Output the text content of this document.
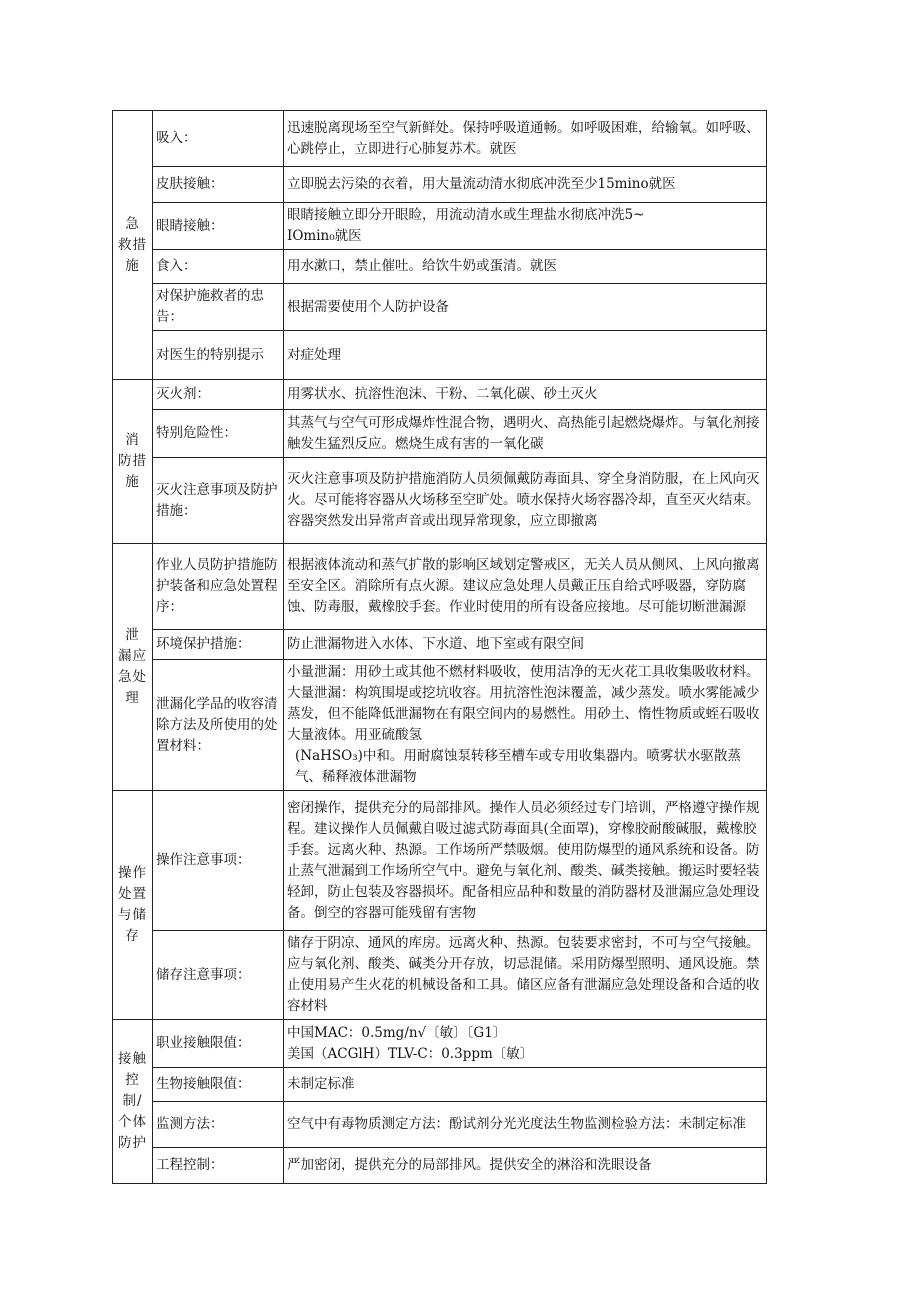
急 救措施	吸入：	迅速脱离现场至空气新鲜处。保持呼吸道通畅。如呼吸困难，给输氧。如呼吸、心跳停止，立即进行心肺复苏术。就医

	皮肤接触：	立即脱去污染的衣着，用大量流动清水彻底冲洗至少15mino就医

	眼睛接触：	眼睛接触立即分开眼睑，用流动清水或生理盐水彻底冲洗5~
IOmin₀就医

	食入：	用水漱口，禁止催吐。给饮牛奶或蛋清。就医

	对保护施救者的忠告：	根据需要使用个人防护设备

	对医生的特别提示	对症处理

消 防措施	灭火剂：	用雾状水、抗溶性泡沫、干粉、二氧化碳、砂土灭火

	特别危险性：	其蒸气与空气可形成爆炸性混合物，遇明火、高热能引起燃烧爆炸。与氧化剂接触发生猛烈反应。燃烧生成有害的一氧化碳

	灭火注意事项及防护措施：	灭火注意事项及防护措施消防人员须佩戴防毒面具、穿全身消防服，在上风向灭火。尽可能将容器从火场移至空旷处。喷水保持火场容器冷却，直至灭火结束。容器突然发出异常声音或出现异常现象，应立即撤离

泄 漏应 急处理	作业人员防护措施防护装备和应急处置程序：	根据液体流动和蒸气扩散的影响区域划定警戒区，无关人员从侧风、上风向撤离至安全区。消除所有点火源。建议应急处理人员戴正压自给式呼吸器，穿防腐蚀、防毒服，戴橡胶手套。作业时使用的所有设备应接地。尽可能切断泄漏源

	环境保护措施：	防止泄漏物进入水体、下水道、地下室或有限空间

	泄漏化学品的收容清除方法及所使用的处置材料：	小量泄漏：用砂土或其他不燃材料吸收，使用洁净的无火花工具收集吸收材料。大量泄漏：构筑围堤或挖坑收容。用抗溶性泡沫覆盖，减少蒸发。喷水雾能减少蒸发，但不能降低泄漏物在有限空间内的易燃性。用砂土、惰性物质或蛭石吸收大量液体。用亚硫酸氢
(NaHSO₃)中和。用耐腐蚀泵转移至槽车或专用收集器内。喷雾状水驱散蒸气、稀释液体泄漏物

操作处置与储存	操作注意事项：	密闭操作，提供充分的局部排风。操作人员必须经过专门培训，严格遵守操作规程。建议操作人员佩戴自吸过滤式防毒面具(全面罩)，穿橡胶耐酸碱服，戴橡胶手套。远离火种、热源。工作场所严禁吸烟。使用防爆型的通风系统和设备。防止蒸气泄漏到工作场所空气中。避免与氧化剂、酸类、碱类接触。搬运时要轻装轻卸，防止包装及容器损坏。配备相应品种和数量的消防器材及泄漏应急处理设备。倒空的容器可能残留有害物

	储存注意事项：	储存于阴凉、通风的库房。远离火种、热源。包装要求密封，不可与空气接触。应与氧化剂、酸类、碱类分开存放，切忌混储。采用防爆型照明、通风设施。禁止使用易产生火花的机械设备和工具。储区应备有泄漏应急处理设备和合适的收容材料

接触控制/个体防护	职业接触限值：	中国MAC：0.5mg/n√〔敏〕〔G1〕
美国（ACGlH）TLV-C：0.3ppm〔敏〕

	生物接触限值：	未制定标准

	监测方法：	空气中有毒物质测定方法：酚试剂分光光度法生物监测检验方法：未制定标准

	工程控制：	严加密闭，提供充分的局部排风。提供安全的淋浴和洗眼设备
